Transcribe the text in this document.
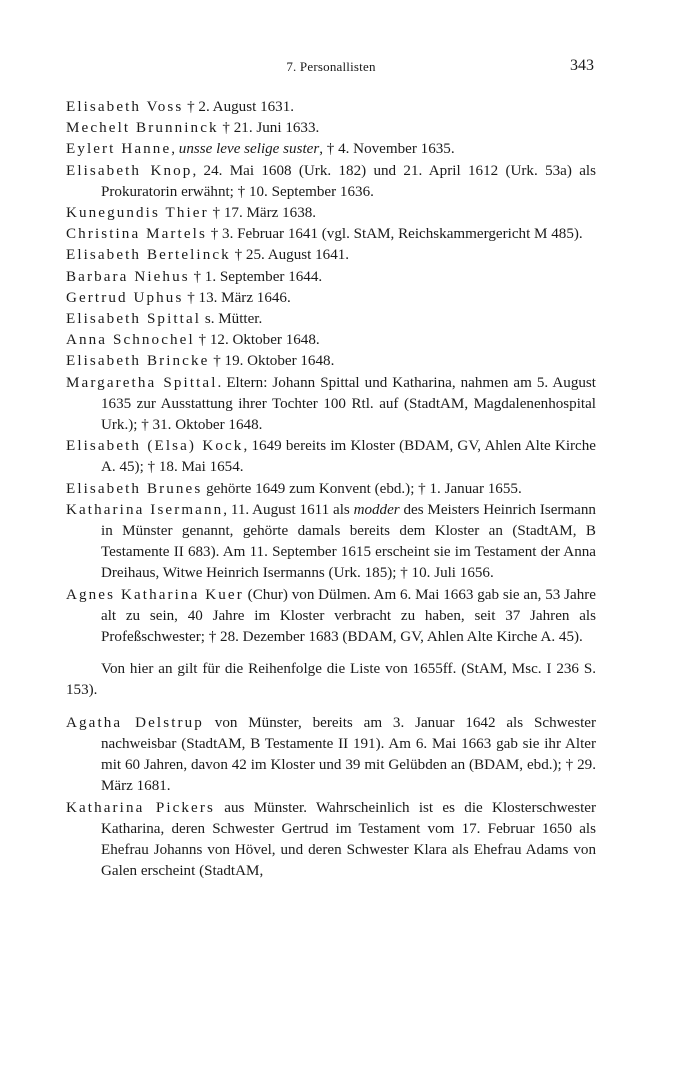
7. Personallisten	343
Elisabeth Voss † 2. August 1631.
Mechelt Brunninck † 21. Juni 1633.
Eylert Hanne, unsse leve selige suster, † 4. November 1635.
Elisabeth Knop, 24. Mai 1608 (Urk. 182) und 21. April 1612 (Urk. 53a) als Prokuratorin erwähnt; † 10. September 1636.
Kunegundis Thier † 17. März 1638.
Christina Martels † 3. Februar 1641 (vgl. StAM, Reichskammergericht M 485).
Elisabeth Bertelinck † 25. August 1641.
Barbara Niehus † 1. September 1644.
Gertrud Uphus † 13. März 1646.
Elisabeth Spittal s. Mütter.
Anna Schnochel † 12. Oktober 1648.
Elisabeth Brincke † 19. Oktober 1648.
Margaretha Spittal. Eltern: Johann Spittal und Katharina, nahmen am 5. August 1635 zur Ausstattung ihrer Tochter 100 Rtl. auf (StadtAM, Magdalenenhospital Urk.); † 31. Oktober 1648.
Elisabeth (Elsa) Kock, 1649 bereits im Kloster (BDAM, GV, Ahlen Alte Kirche A. 45); † 18. Mai 1654.
Elisabeth Brunes gehörte 1649 zum Konvent (ebd.); † 1. Januar 1655.
Katharina Isermann, 11. August 1611 als modder des Meisters Heinrich Isermann in Münster genannt, gehörte damals bereits dem Kloster an (StadtAM, B Testamente II 683). Am 11. September 1615 erscheint sie im Testament der Anna Dreihaus, Witwe Heinrich Isermanns (Urk. 185); † 10. Juli 1656.
Agnes Katharina Kuer (Chur) von Dülmen. Am 6. Mai 1663 gab sie an, 53 Jahre alt zu sein, 40 Jahre im Kloster verbracht zu haben, seit 37 Jahren als Profeßschwester; † 28. Dezember 1683 (BDAM, GV, Ahlen Alte Kirche A. 45).

Von hier an gilt für die Reihenfolge die Liste von 1655ff. (StAM, Msc. I 236 S. 153).

Agatha Delstrup von Münster, bereits am 3. Januar 1642 als Schwester nachweisbar (StadtAM, B Testamente II 191). Am 6. Mai 1663 gab sie ihr Alter mit 60 Jahren, davon 42 im Kloster und 39 mit Gelübden an (BDAM, ebd.); † 29. März 1681.
Katharina Pickers aus Münster. Wahrscheinlich ist es die Klosterschwester Katharina, deren Schwester Gertrud im Testament vom 17. Februar 1650 als Ehefrau Johanns von Hövel, und deren Schwester Klara als Ehefrau Adams von Galen erscheint (StadtAM,
